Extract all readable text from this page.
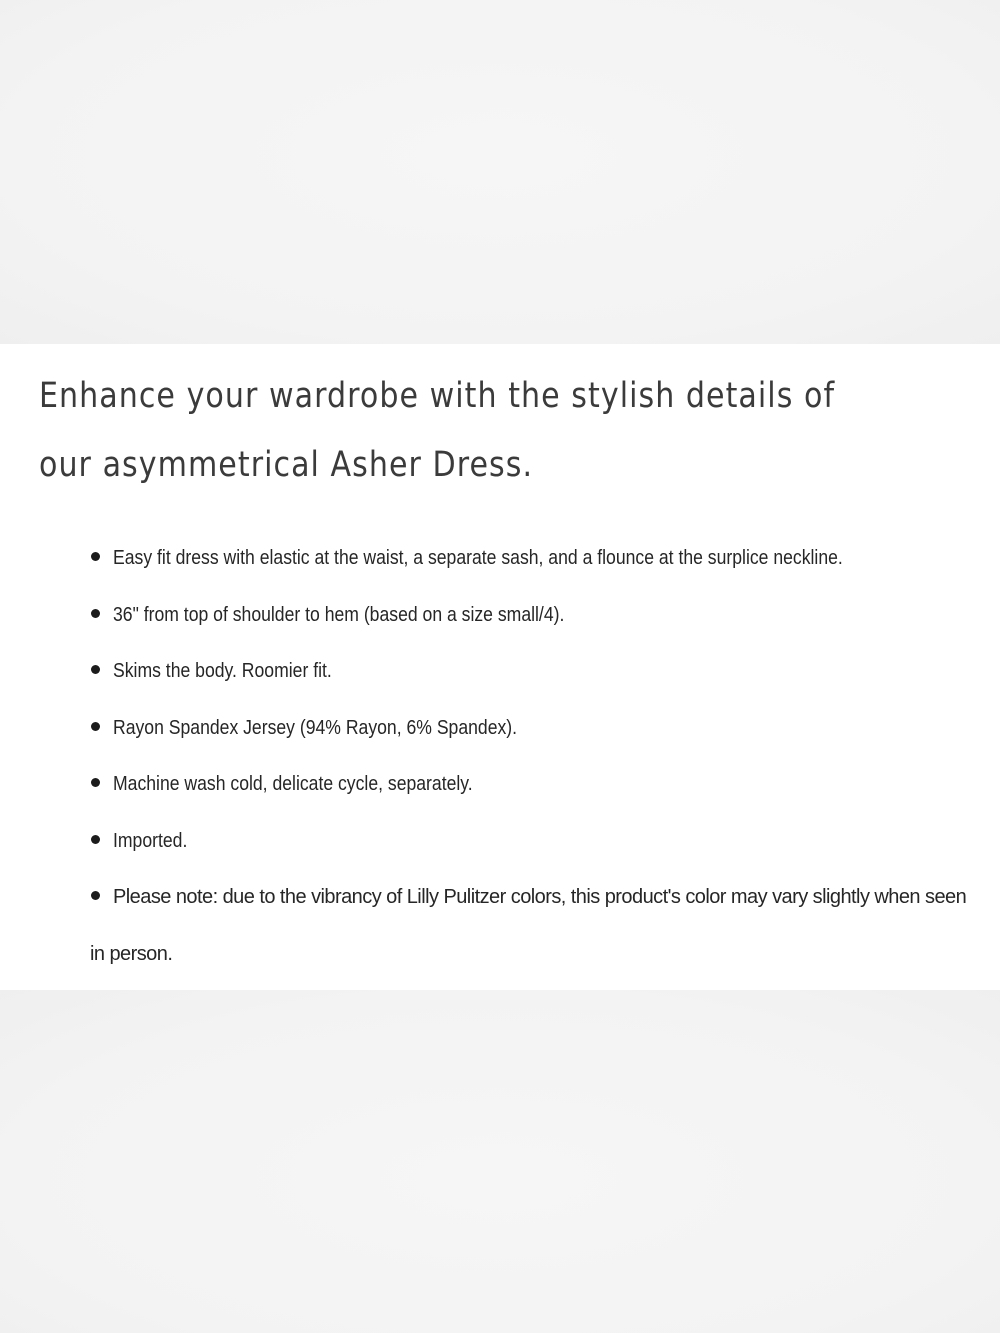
Enhance your wardrobe with the stylish details of our asymmetrical Asher Dress.
Easy fit dress with elastic at the waist, a separate sash, and a flounce at the surplice neckline.
36" from top of shoulder to hem (based on a size small/4).
Skims the body. Roomier fit.
Rayon Spandex Jersey (94% Rayon, 6% Spandex).
Machine wash cold, delicate cycle, separately.
Imported.
Please note: due to the vibrancy of Lilly Pulitzer colors, this product's color may vary slightly when seen in person.
